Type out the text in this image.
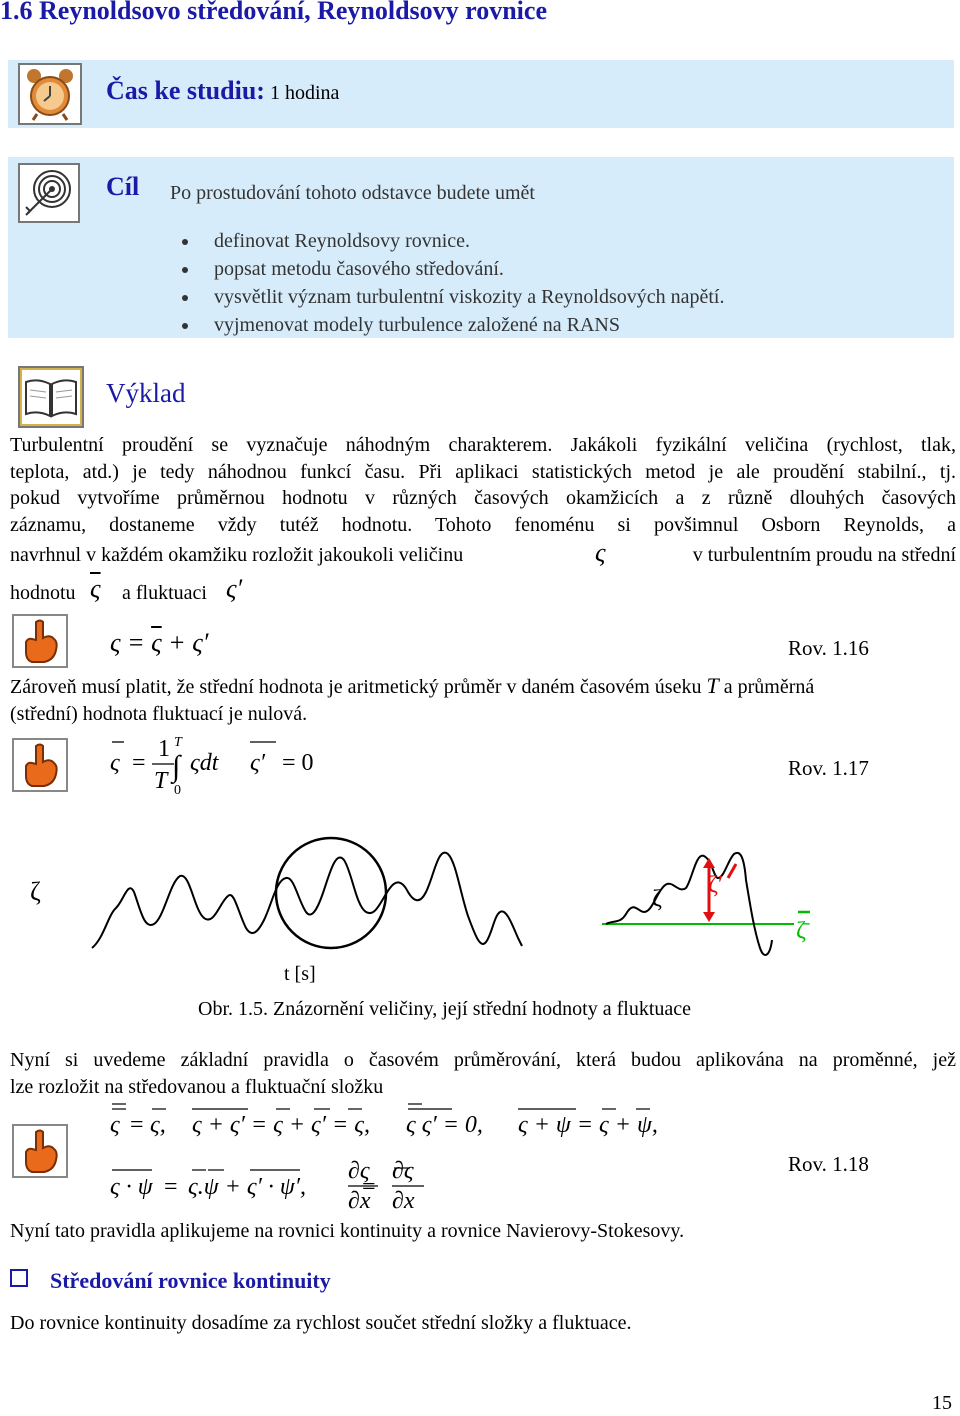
1.6 Reynoldsovo středování, Reynoldsovy rovnice
Čas ke studiu: 1 hodina
Cíl Po prostudování tohoto odstavce budete umět
• definovat Reynoldsovy rovnice.
• popsat metodu časového středování.
• vysvětlit význam turbulentní viskozity a Reynoldsových napětí.
• vyjmenovat modely turbulence založené na RANS
Výklad
Turbulentní proudění se vyznačuje náhodným charakterem. Jakákoli fyzikální veličina (rychlost, tlak,
teplota, atd.) je tedy náhodnou funkcí času. Při aplikaci statistických metod je ale proudění stabilní., tj.
pokud vytvoříme průměrnou hodnotu v různých časových okamžicích a z různě dlouhých časových
záznamu, dostaneme vždy tutéž hodnotu. Tohoto fenoménu si povšimnul Osborn Reynolds, a
navrhnul v každém okamžiku rozložit jakoukoli veličinu	ς	v turbulentním proudu na střední
hodnotu $\overline{\varsigma}$ a fluktuaci ς′
$\varsigma = \overline{\varsigma} + \varsigma'$	Rov. 1.16
Zároveň musí platit, že střední hodnota je aritmetický průměr v daném časovém úseku T a průměrná
(střední) hodnota fluktuací je nulová.
ς =
1
T
T
∫
0
ςdt ς′ = 0	Rov. 1.17
ζ
t [s]
ζ
ζ′
ζ̄
Obr. 1.5. Znázornění veličiny, její střední hodnoty a fluktuace
Nyní si uvedeme základní pravidla o časovém průměrování, která budou aplikována na proměnné, jež
lze rozložit na středovanou a fluktuační složku
ς ς, ς + ς′ = ς + ς′ = ς, ς ς′ = 0, ς + ψ = ς + ψ,
ς · ψ ς.ψ + ς′ · ψ′,
∂ς
∂x
∂ς
∂x
=
=	=
Rov. 1.18
Nyní tato pravidla aplikujeme na rovnici kontinuity a rovnice Navierovy-Stokesovy.
Středování rovnice kontinuity
Do rovnice kontinuity dosadíme za rychlost součet střední složky a fluktuace.
15
